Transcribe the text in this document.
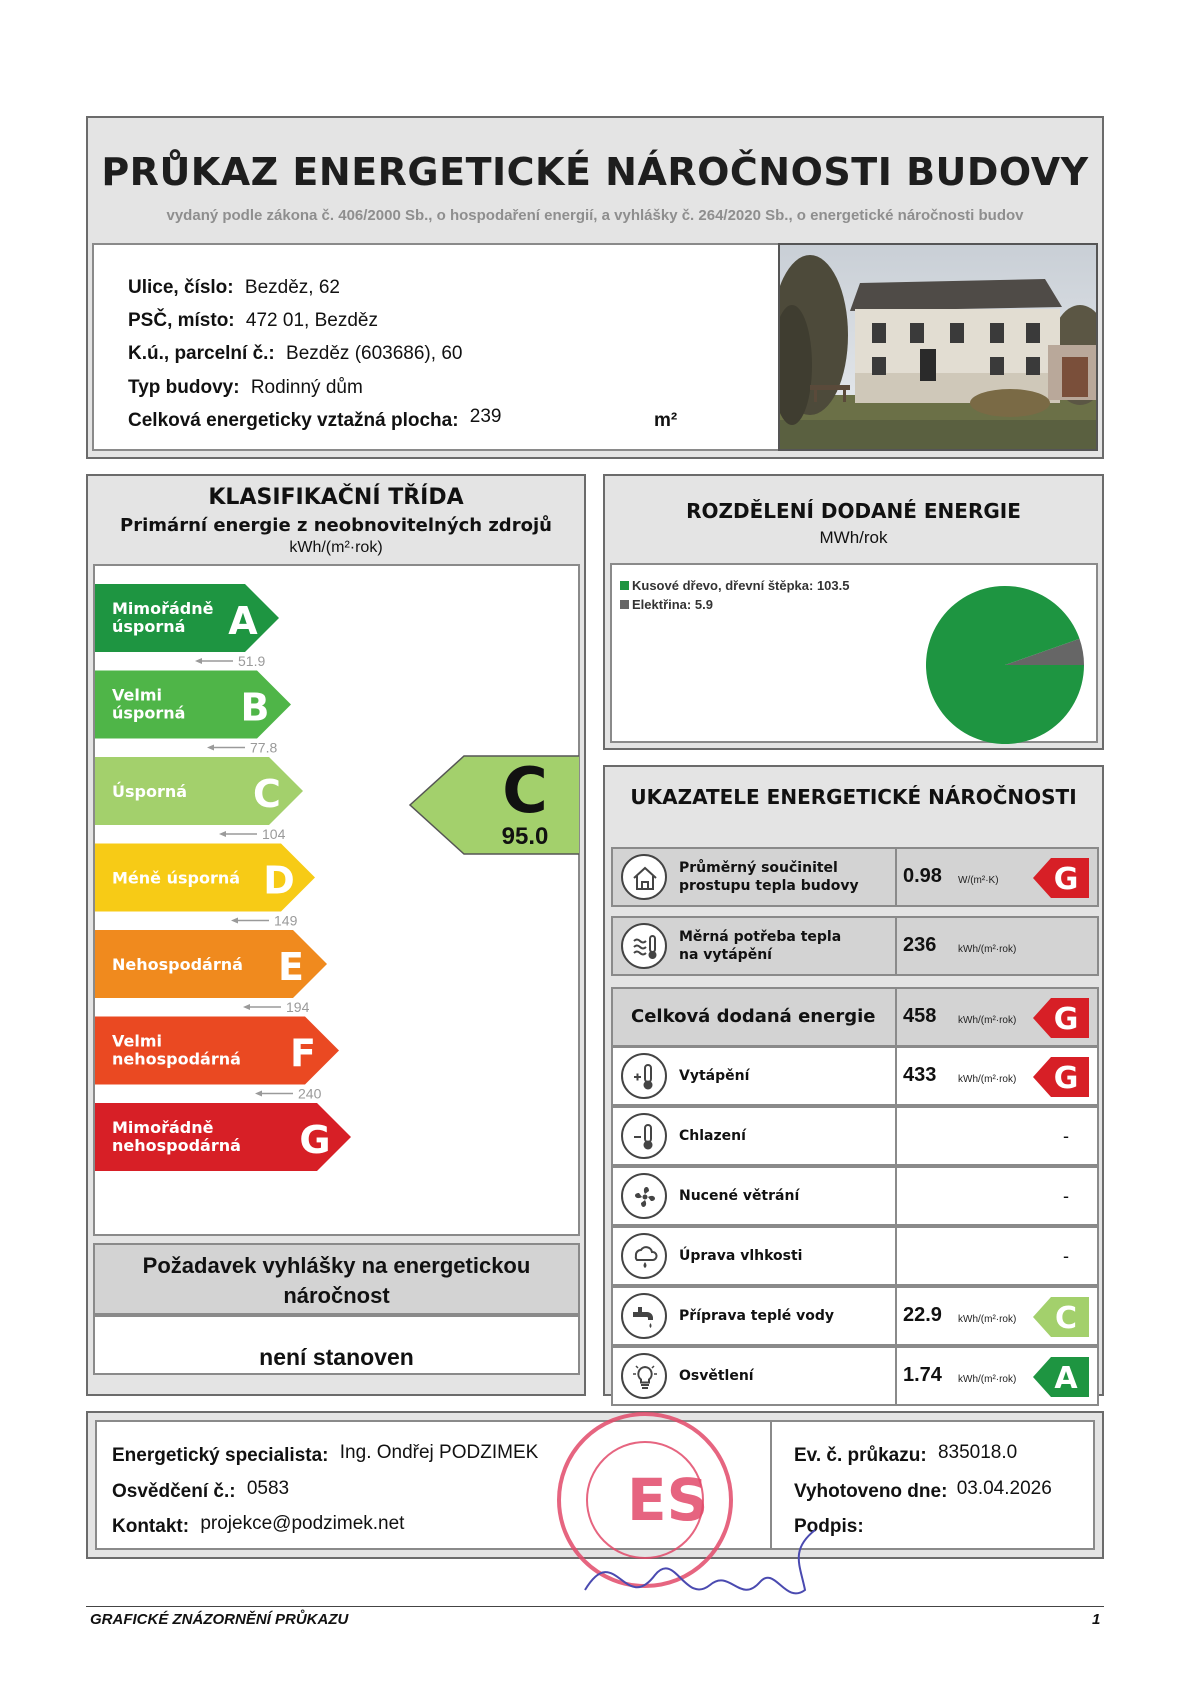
PRŮKAZ ENERGETICKÉ NÁROČNOSTI BUDOVY
vydaný podle zákona č. 406/2000 Sb., o hospodaření energií, a vyhlášky č. 264/2020 Sb., o energetické náročnosti budov
Ulice, číslo: Bezděz, 62
PSČ, místo: 472 01, Bezděz
K.ú., parcelní č.: Bezděz (603686), 60
Typ budovy: Rodinný dům
Celková energeticky vztažná plocha: 239	m²
KLASIFIKAČNÍ TŘÍDA
Primární energie z neobnovitelných zdrojů
kWh/(m²·rok)
A
Mimořádně
úsporná
51.9
B
Velmi
úsporná
77.8
C
Úsporná
104
D
Méně úsporná
149
E
Nehospodárná
194
F
Velmi
nehospodárná
240
G
Mimořádně
nehospodárná
C
95.0
Požadavek vyhlášky na energetickou
náročnost
není stanoven
ROZDĚLENÍ DODANÉ ENERGIE
MWh/rok
Kusové dřevo, dřevní štěpka: 103.5
Elektřina: 5.9
UKAZATELE ENERGETICKÉ NÁROČNOSTI
Průměrný součinitel
prostupu tepla budovy 0.98 W/(m²·K) G
Měrná potřeba tepla
na vytápění	236 kWh/(m²·rok)
Celková dodaná energie 458 kWh/(m²·rok) G
Vytápění	433 kWh/(m²·rok) G
Chlazení	-
Nucené větrání	-
Úprava vlhkosti	-
Příprava teplé vody	22.9 kWh/(m²·rok) C
Osvětlení	1.74 kWh/(m²·rok) A
Energetický specialista: Ing. Ondřej PODZIMEK
Osvědčení č.: 0583
Kontakt: projekce@podzimek.net
Ev. č. průkazu: 835018.0
Vyhotoveno dne: 03.04.2026
Podpis:
ES
GRAFICKÉ ZNÁZORNĚNÍ PRŮKAZU	1
